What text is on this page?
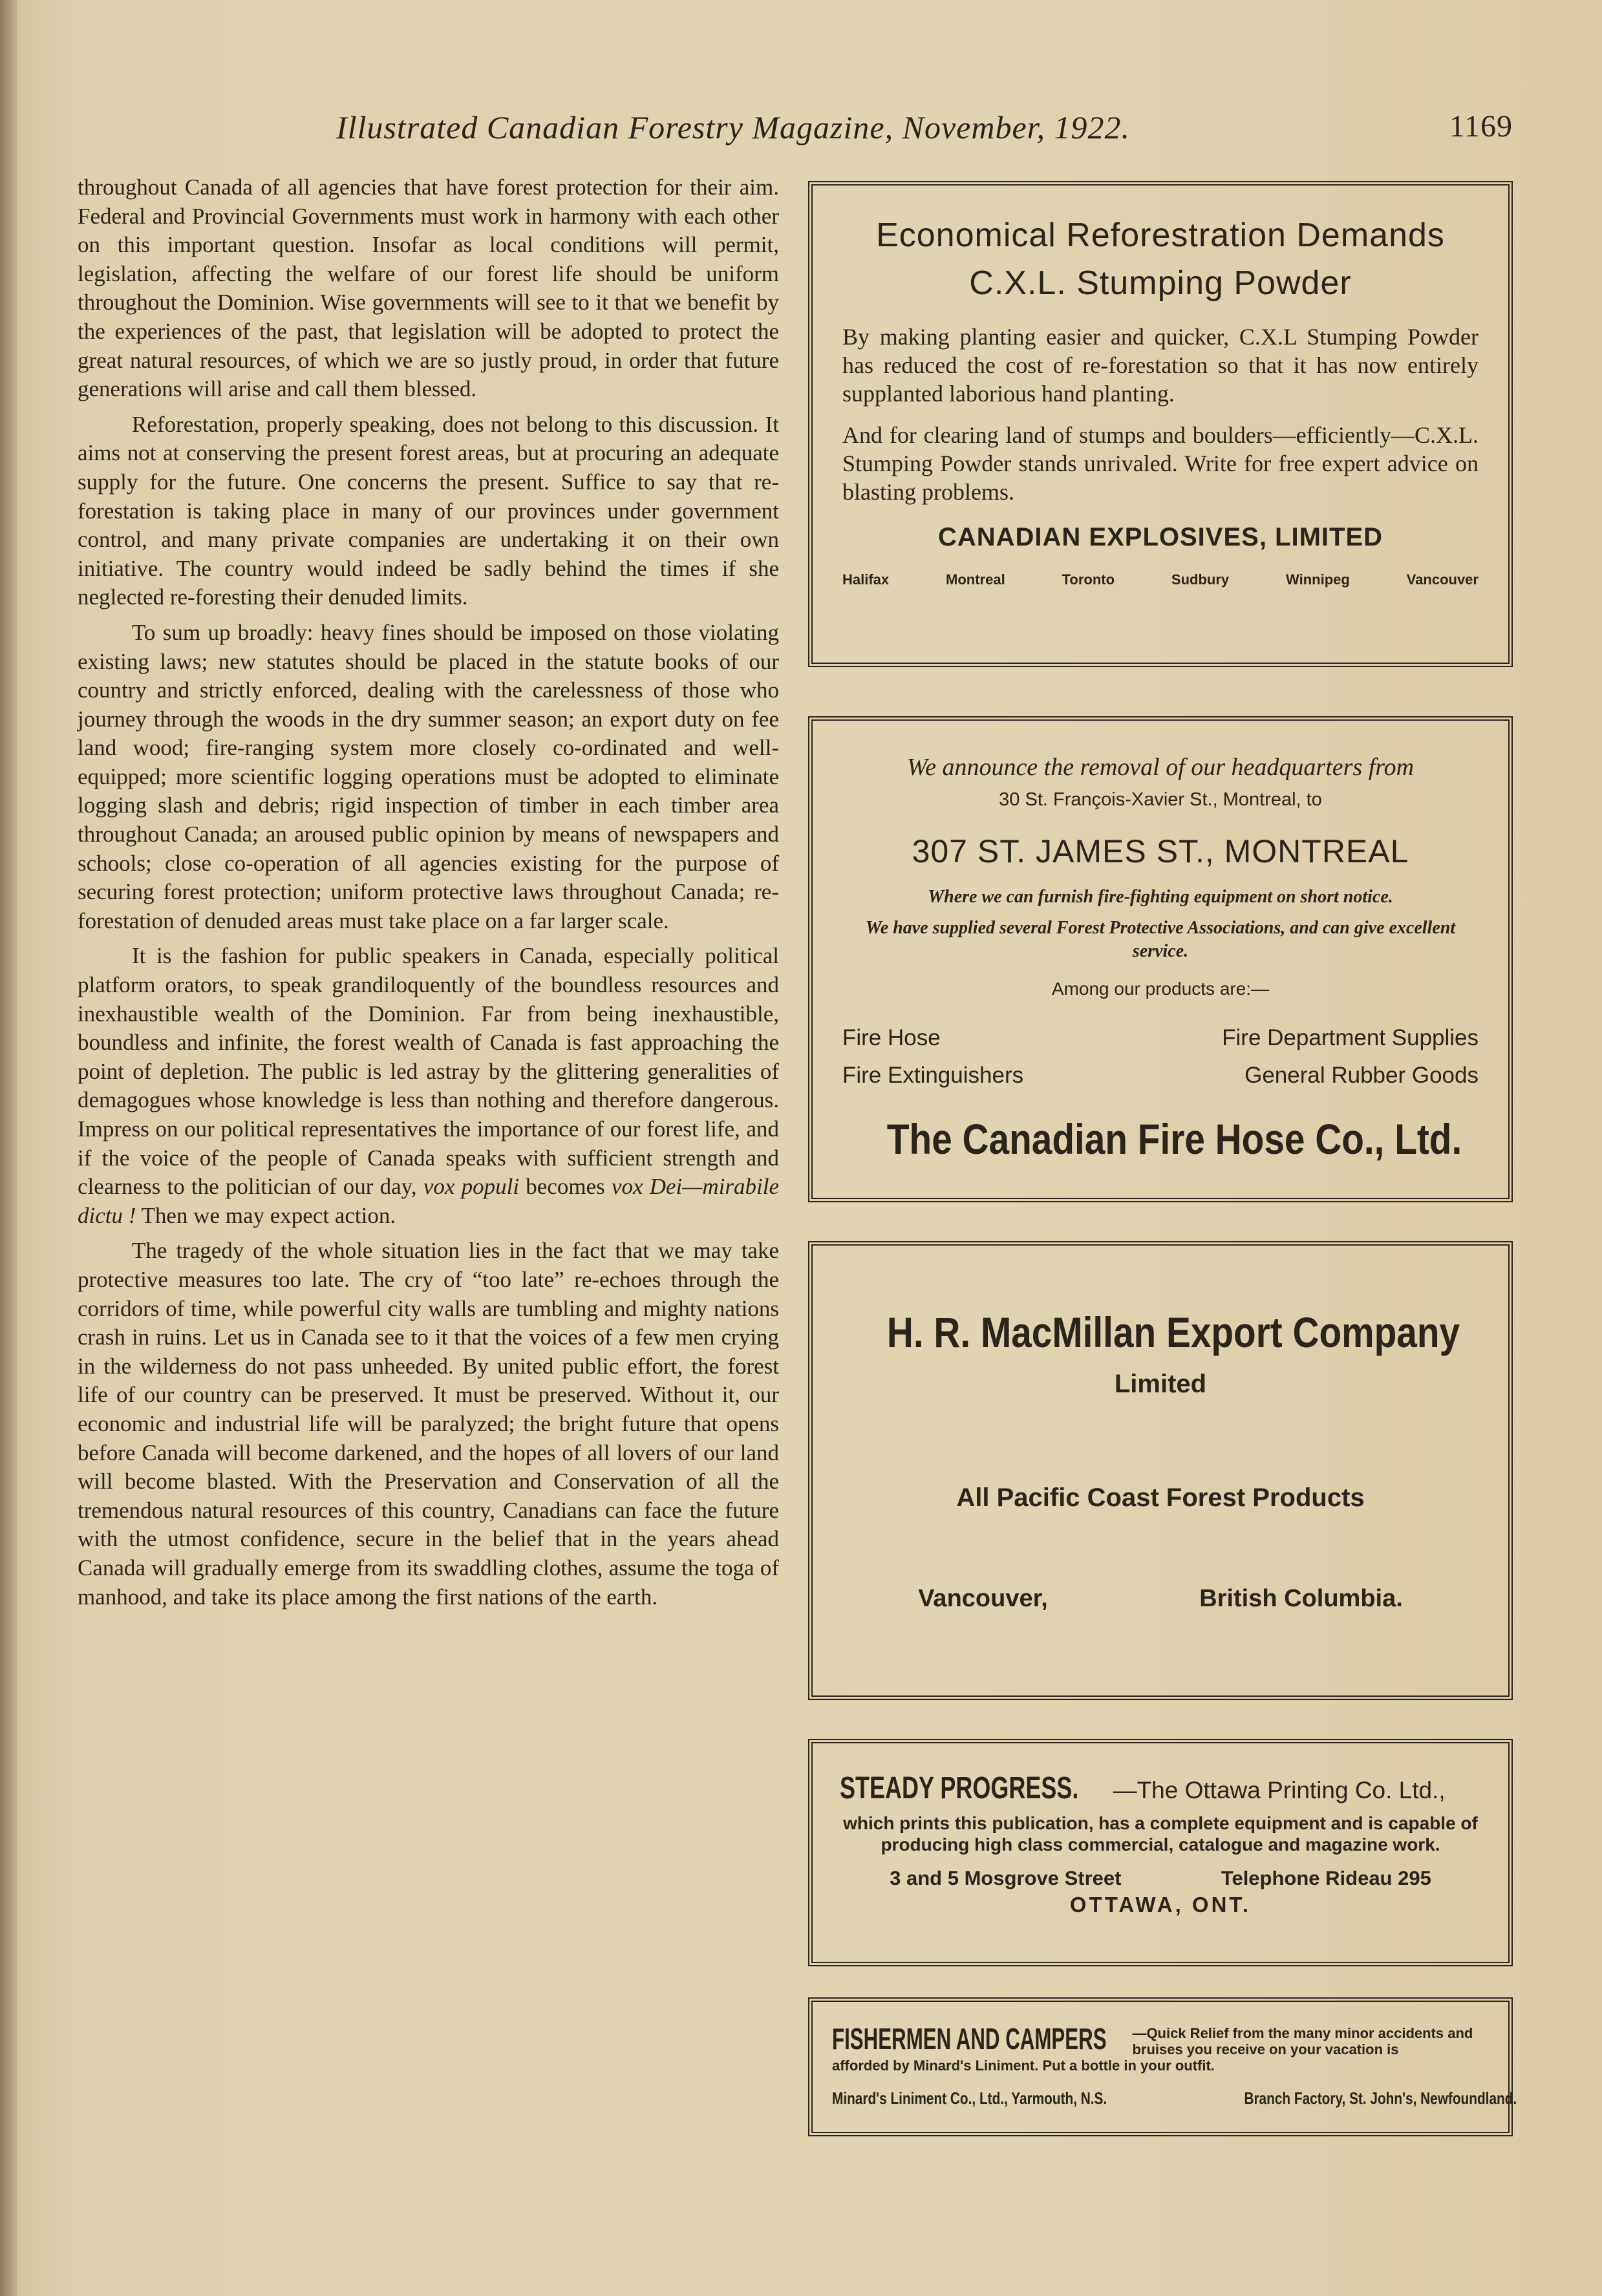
Illustrated Canadian Forestry Magazine, November, 1922.	1169

throughout Canada of all agencies that have forest protection for their aim. Federal and Provincial Governments must work in harmony with each other on this important question. Insofar as local conditions will permit, legislation, affecting the welfare of our forest life should be uniform throughout the Dominion. Wise governments will see to it that we benefit by the experiences of the past, that legislation will be adopted to protect the great natural resources, of which we are so justly proud, in order that future generations will arise and call them blessed.

Reforestation, properly speaking, does not belong to this discussion. It aims not at conserving the present forest areas, but at procuring an adequate supply for the future. One concerns the present. Suffice to say that re-forestation is taking place in many of our provinces under government control, and many private companies are undertaking it on their own initiative. The country would indeed be sadly behind the times if she neglected re-foresting their denuded limits.

To sum up broadly: heavy fines should be imposed on those violating existing laws; new statutes should be placed in the statute books of our country and strictly enforced, dealing with the carelessness of those who journey through the woods in the dry summer season; an export duty on fee land wood; fire-ranging system more closely co-ordinated and well-equipped; more scientific logging operations must be adopted to eliminate logging slash and debris; rigid inspection of timber in each timber area throughout Canada; an aroused public opinion by means of newspapers and schools; close co-operation of all agencies existing for the purpose of securing forest protection; uniform protective laws throughout Canada; re-forestation of denuded areas must take place on a far larger scale.

It is the fashion for public speakers in Canada, especially political platform orators, to speak grandiloquently of the boundless resources and inexhaustible wealth of the Dominion. Far from being inexhaustible, boundless and infinite, the forest wealth of Canada is fast approaching the point of depletion. The public is led astray by the glittering generalities of demagogues whose knowledge is less than nothing and therefore dangerous. Impress on our political representatives the importance of our forest life, and if the voice of the people of Canada speaks with sufficient strength and clearness to the politician of our day, vox populi becomes vox Dei—mirabile dictu ! Then we may expect action.

The tragedy of the whole situation lies in the fact that we may take protective measures too late. The cry of “too late” re-echoes through the corridors of time, while powerful city walls are tumbling and mighty nations crash in ruins. Let us in Canada see to it that the voices of a few men crying in the wilderness do not pass unheeded. By united public effort, the forest life of our country can be preserved. It must be preserved. Without it, our economic and industrial life will be paralyzed; the bright future that opens before Canada will become darkened, and the hopes of all lovers of our land will become blasted. With the Preservation and Conservation of all the tremendous natural resources of this country, Canadians can face the future with the utmost confidence, secure in the belief that in the years ahead Canada will gradually emerge from its swaddling clothes, assume the toga of manhood, and take its place among the first nations of the earth.

Economical Reforestration Demands
C.X.L. Stumping Powder

By making planting easier and quicker, C.X.L Stumping Powder has reduced the cost of re-forestation so that it has now entirely supplanted laborious hand planting.

And for clearing land of stumps and boulders—efficiently—C.X.L. Stumping Powder stands unrivaled. Write for free expert advice on blasting problems.

CANADIAN EXPLOSIVES, LIMITED
Halifax	Montreal	Toronto	Sudbury	Winnipeg	Vancouver
We announce the removal of our headquarters from
30 St. François-Xavier St., Montreal, to
307 ST. JAMES ST., MONTREAL
Where we can furnish fire-fighting equipment on short notice.
We have supplied several Forest Protective Associations, and can give excellent service.
Among our products are:—
Fire Hose	Fire Department Supplies
Fire Extinguishers	General Rubber Goods
The Canadian Fire Hose Co., Ltd.
H. R. MacMillan Export Company
Limited
All Pacific Coast Forest Products
Vancouver,	British Columbia.
STEADY PROGRESS. —The Ottawa Printing Co. Ltd.,
which prints this publication, has a complete equipment and is capable of producing high class commercial, catalogue and magazine work.
3 and 5 Mosgrove Street	Telephone Rideau 295
OTTAWA, ONT.
FISHERMEN AND CAMPERS —Quick Relief from the many minor accidents and bruises you receive on your vacation is
afforded by Minard's Liniment. Put a bottle in your outfit.
Minard's Liniment Co., Ltd., Yarmouth, N.S.	Branch Factory, St. John's, Newfoundland.
